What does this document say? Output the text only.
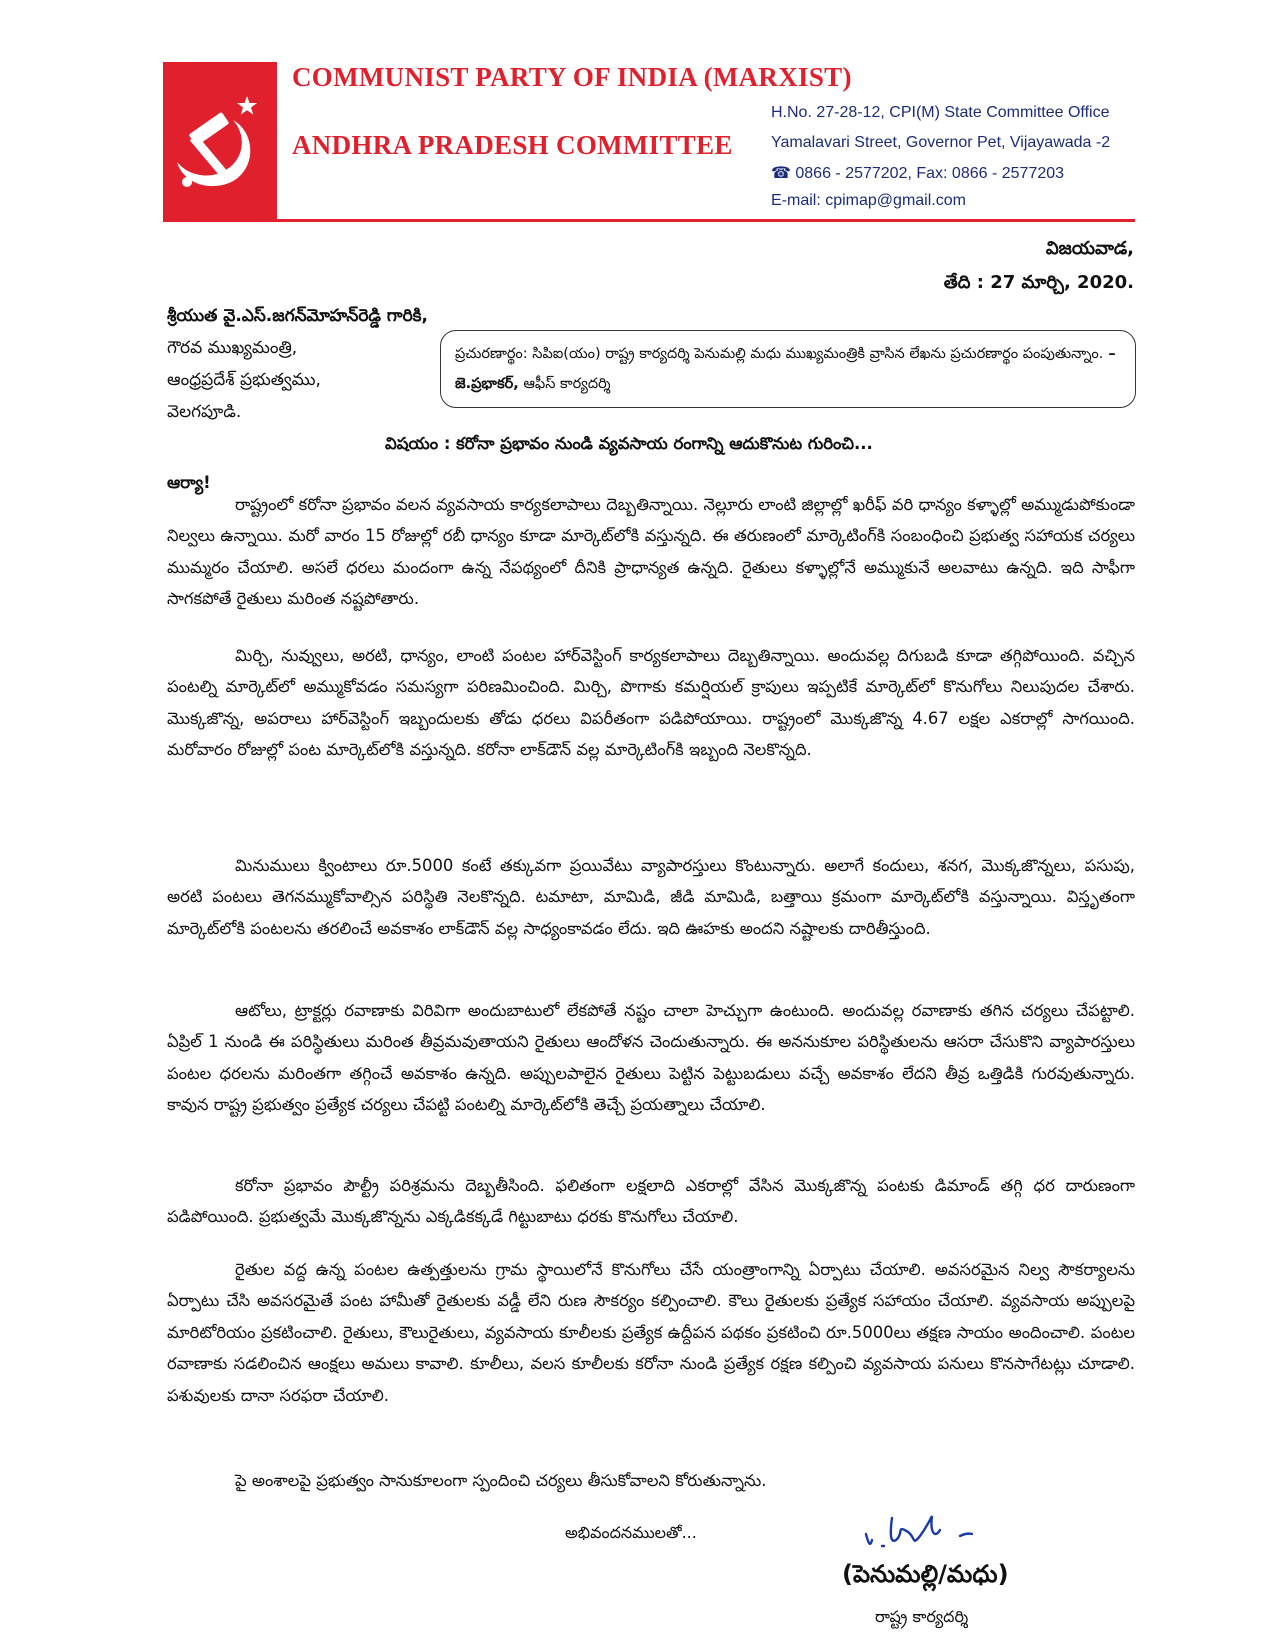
COMMUNIST PARTY OF INDIA (MARXIST)
ANDHRA PRADESH COMMITTEE
H.No. 27-28-12, CPI(M) State Committee Office
Yamalavari Street, Governor Pet, Vijayawada -2
☎ 0866 - 2577202, Fax: 0866 - 2577203
E-mail: cpimap@gmail.com
విజయవాడ,
తేది : 27 మార్చి, 2020.
శ్రీయుత వై.ఎస్.జగన్‌మోహన్‌రెడ్డి గారికి,
గౌరవ ముఖ్యమంత్రి,
ఆంధ్రప్రదేశ్ ప్రభుత్వము,
వెలగపూడి.
ప్రచురణార్థం: సిపిఐ(యం) రాష్ట్ర కార్యదర్శి పెనుమల్లి మధు ముఖ్యమంత్రికి వ్రాసిన లేఖను ప్రచురణార్థం పంపుతున్నాం. – జె.ప్రభాకర్, ఆఫీస్ కార్యదర్శి
విషయం : కరోనా ప్రభావం నుండి వ్యవసాయ రంగాన్ని ఆదుకొనుట గురించి...
ఆర్యా!

రాష్ట్రంలో కరోనా ప్రభావం వలన వ్యవసాయ కార్యకలాపాలు దెబ్బతిన్నాయి. నెల్లూరు లాంటి జిల్లాల్లో ఖరీఫ్ వరి ధాన్యం కళ్ళాల్లో అమ్ముడుపోకుండా నిల్వలు ఉన్నాయి. మరో వారం 15 రోజుల్లో రబీ ధాన్యం కూడా మార్కెట్‌లోకి వస్తున్నది. ఈ తరుణంలో మార్కెటింగ్‌కి సంబంధించి ప్రభుత్వ సహాయక చర్యలు ముమ్మరం చేయాలి. అసలే ధరలు మందంగా ఉన్న నేపథ్యంలో దీనికి ప్రాధాన్యత ఉన్నది. రైతులు కళ్ళాల్లోనే అమ్ముకునే అలవాటు ఉన్నది. ఇది సాఫీగా సాగకపోతే రైతులు మరింత నష్టపోతారు.

మిర్చి, నువ్వులు, అరటి, ధాన్యం, లాంటి పంటల హార్‌వెస్టింగ్ కార్యకలాపాలు దెబ్బతిన్నాయి. అందువల్ల దిగుబడి కూడా తగ్గిపోయింది. వచ్చిన పంటల్ని మార్కెట్‌లో అమ్ముకోవడం సమస్యగా పరిణమించింది. మిర్చి, పొగాకు కమర్షియల్ క్రాపులు ఇప్పటికే మార్కెట్‌లో కొనుగోలు నిలుపుదల చేశారు. మొక్కజొన్న, అపరాలు హార్‌వెస్టింగ్ ఇబ్బందులకు తోడు ధరలు విపరీతంగా పడిపోయాయి. రాష్ట్రంలో మొక్కజొన్న 4.67 లక్షల ఎకరాల్లో సాగయింది. మరోవారం రోజుల్లో పంట మార్కెట్‌లోకి వస్తున్నది. కరోనా లాక్‌డౌన్ వల్ల మార్కెటింగ్‌కి ఇబ్బంది నెలకొన్నది.

మినుములు క్వింటాలు రూ.5000 కంటే తక్కువగా ప్రయివేటు వ్యాపారస్తులు కొంటున్నారు. అలాగే కందులు, శనగ, మొక్కజొన్నలు, పసుపు, అరటి పంటలు తెగనమ్ముకోవాల్సిన పరిస్థితి నెలకొన్నది. టమాటా, మామిడి, జీడి మామిడి, బత్తాయి క్రమంగా మార్కెట్‌లోకి వస్తున్నాయి. విస్తృతంగా మార్కెట్‌లోకి పంటలను తరలించే అవకాశం లాక్‌డౌన్ వల్ల సాధ్యంకావడం లేదు. ఇది ఊహకు అందని నష్టాలకు దారితీస్తుంది.

ఆటోలు, ట్రాక్టర్లు రవాణాకు విరివిగా అందుబాటులో లేకపోతే నష్టం చాలా హెచ్చుగా ఉంటుంది. అందువల్ల రవాణాకు తగిన చర్యలు చేపట్టాలి. ఏప్రిల్ 1 నుండి ఈ పరిస్థితులు మరింత తీవ్రమవుతాయని రైతులు ఆందోళన చెందుతున్నారు. ఈ అననుకూల పరిస్థితులను ఆసరా చేసుకొని వ్యాపారస్తులు పంటల ధరలను మరింతగా తగ్గించే అవకాశం ఉన్నది. అప్పులపాలైన రైతులు పెట్టిన పెట్టుబడులు వచ్చే అవకాశం లేదని తీవ్ర ఒత్తిడికి గురవుతున్నారు. కావున రాష్ట్ర ప్రభుత్వం ప్రత్యేక చర్యలు చేపట్టి పంటల్ని మార్కెట్‌లోకి తెచ్చే ప్రయత్నాలు చేయాలి.

కరోనా ప్రభావం పౌల్ట్రీ పరిశ్రమను దెబ్బతీసింది. ఫలితంగా లక్షలాది ఎకరాల్లో వేసిన మొక్కజొన్న పంటకు డిమాండ్ తగ్గి ధర దారుణంగా పడిపోయింది. ప్రభుత్వమే మొక్కజొన్నను ఎక్కడికక్కడే గిట్టుబాటు ధరకు కొనుగోలు చేయాలి.

రైతుల వద్ద ఉన్న పంటల ఉత్పత్తులను గ్రామ స్థాయిలోనే కొనుగోలు చేసే యంత్రాంగాన్ని ఏర్పాటు చేయాలి. అవసరమైన నిల్వ సౌకర్యాలను ఏర్పాటు చేసి అవసరమైతే పంట హామీతో రైతులకు వడ్డీ లేని రుణ సౌకర్యం కల్పించాలి. కౌలు రైతులకు ప్రత్యేక సహాయం చేయాలి. వ్యవసాయ అప్పులపై మారిటోరియం ప్రకటించాలి. రైతులు, కౌలురైతులు, వ్యవసాయ కూలీలకు ప్రత్యేక ఉద్దీపన పథకం ప్రకటించి రూ.5000లు తక్షణ సాయం అందించాలి. పంటల రవాణాకు సడలించిన ఆంక్షలు అమలు కావాలి. కూలీలు, వలస కూలీలకు కరోనా నుండి ప్రత్యేక రక్షణ కల్పించి వ్యవసాయ పనులు కొనసాగేటట్లు చూడాలి. పశువులకు దానా సరఫరా చేయాలి.

పై అంశాలపై ప్రభుత్వం సానుకూలంగా స్పందించి చర్యలు తీసుకోవాలని కోరుతున్నాను.

అభివందనములతో...
(పెనుమల్లి/మధు)
రాష్ట్ర కార్యదర్శి
